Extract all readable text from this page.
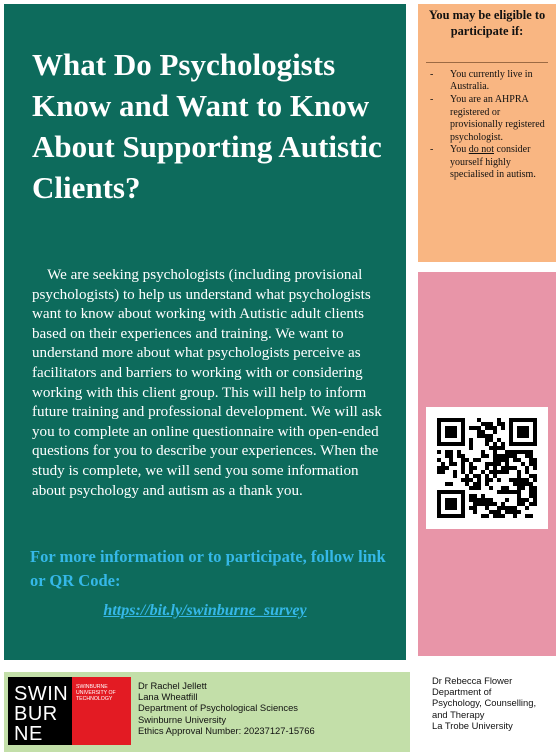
What Do Psychologists Know and Want to Know About Supporting Autistic Clients?

We are seeking psychologists (including provisional psychologists) to help us understand what psychologists want to know about working with Autistic adult clients based on their experiences and training. We want to understand more about what psychologists perceive as facilitators and barriers to working with or considering working with this client group. This will help to inform future training and professional development. We will ask you to complete an online questionnaire with open-ended questions for you to describe your experiences. When the study is complete, we will send you some information about psychology and autism as a thank you.

For more information or to participate, follow link or QR Code:

https://bit.ly/swinburne_survey

You may be eligible to participate if:

- You currently live in Australia.
- You are an AHPRA registered or provisionally registered psychologist.
- You do not consider yourself highly specialised in autism.
SWIN
BUR
NE

SWINBURNE UNIVERSITY OF TECHNOLOGY

Dr Rachel Jellett
Lana Wheatfill
Department of Psychological Sciences
Swinburne University
Ethics Approval Number: 20237127-15766
Dr Rebecca Flower
Department of
Psychology, Counselling,
and Therapy
La Trobe University
